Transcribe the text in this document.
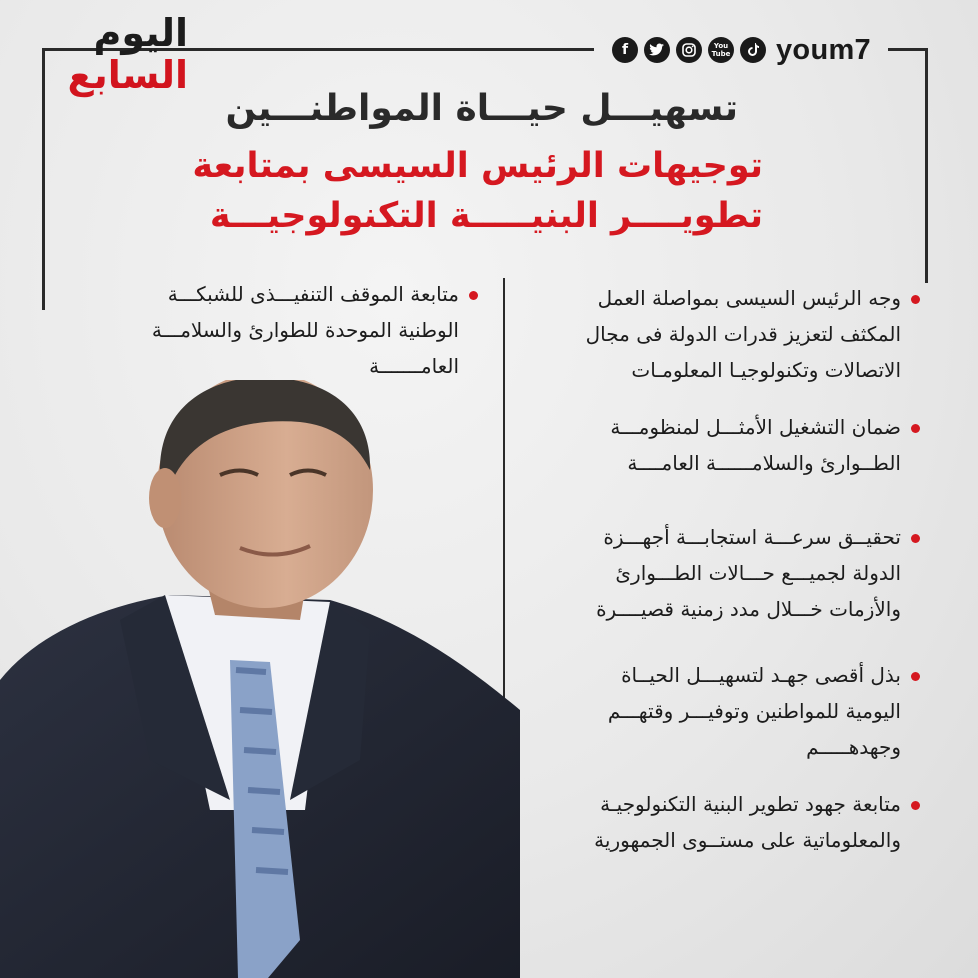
اليوم
السابع
f	You Tube youm7
تسهيـــل حيـــاة المواطنـــين
توجيهات الرئيس السيسى بمتابعة
تطويــــر البنيـــــة التكنولوجيـــة
وجه الرئيس السيسى بمواصلة العمل
المكثف لتعزيز قدرات الدولة فى مجال
الاتصالات وتكنولوجيـا المعلومـات
ضمان التشغيل الأمثـــل لمنظومـــة
الطــوارئ والسلامــــــة العامــــة
تحقيــق سرعـــة استجابـــة أجهـــزة
الدولة لجميـــع حـــالات الطـــوارئ
والأزمات خـــلال مدد زمنية قصيــــرة
بذل أقصى جهـد لتسهيـــل الحيــاة
اليومية للمواطنين وتوفيـــر وقتهـــم
وجهدهـــــم
متابعة جهود تطوير البنية التكنولوجيـة
والمعلوماتية على مستــوى الجمهورية
متابعة الموقف التنفيـــذى للشبكـــة
الوطنية الموحدة للطوارئ والسلامـــة
العامـــــــة
